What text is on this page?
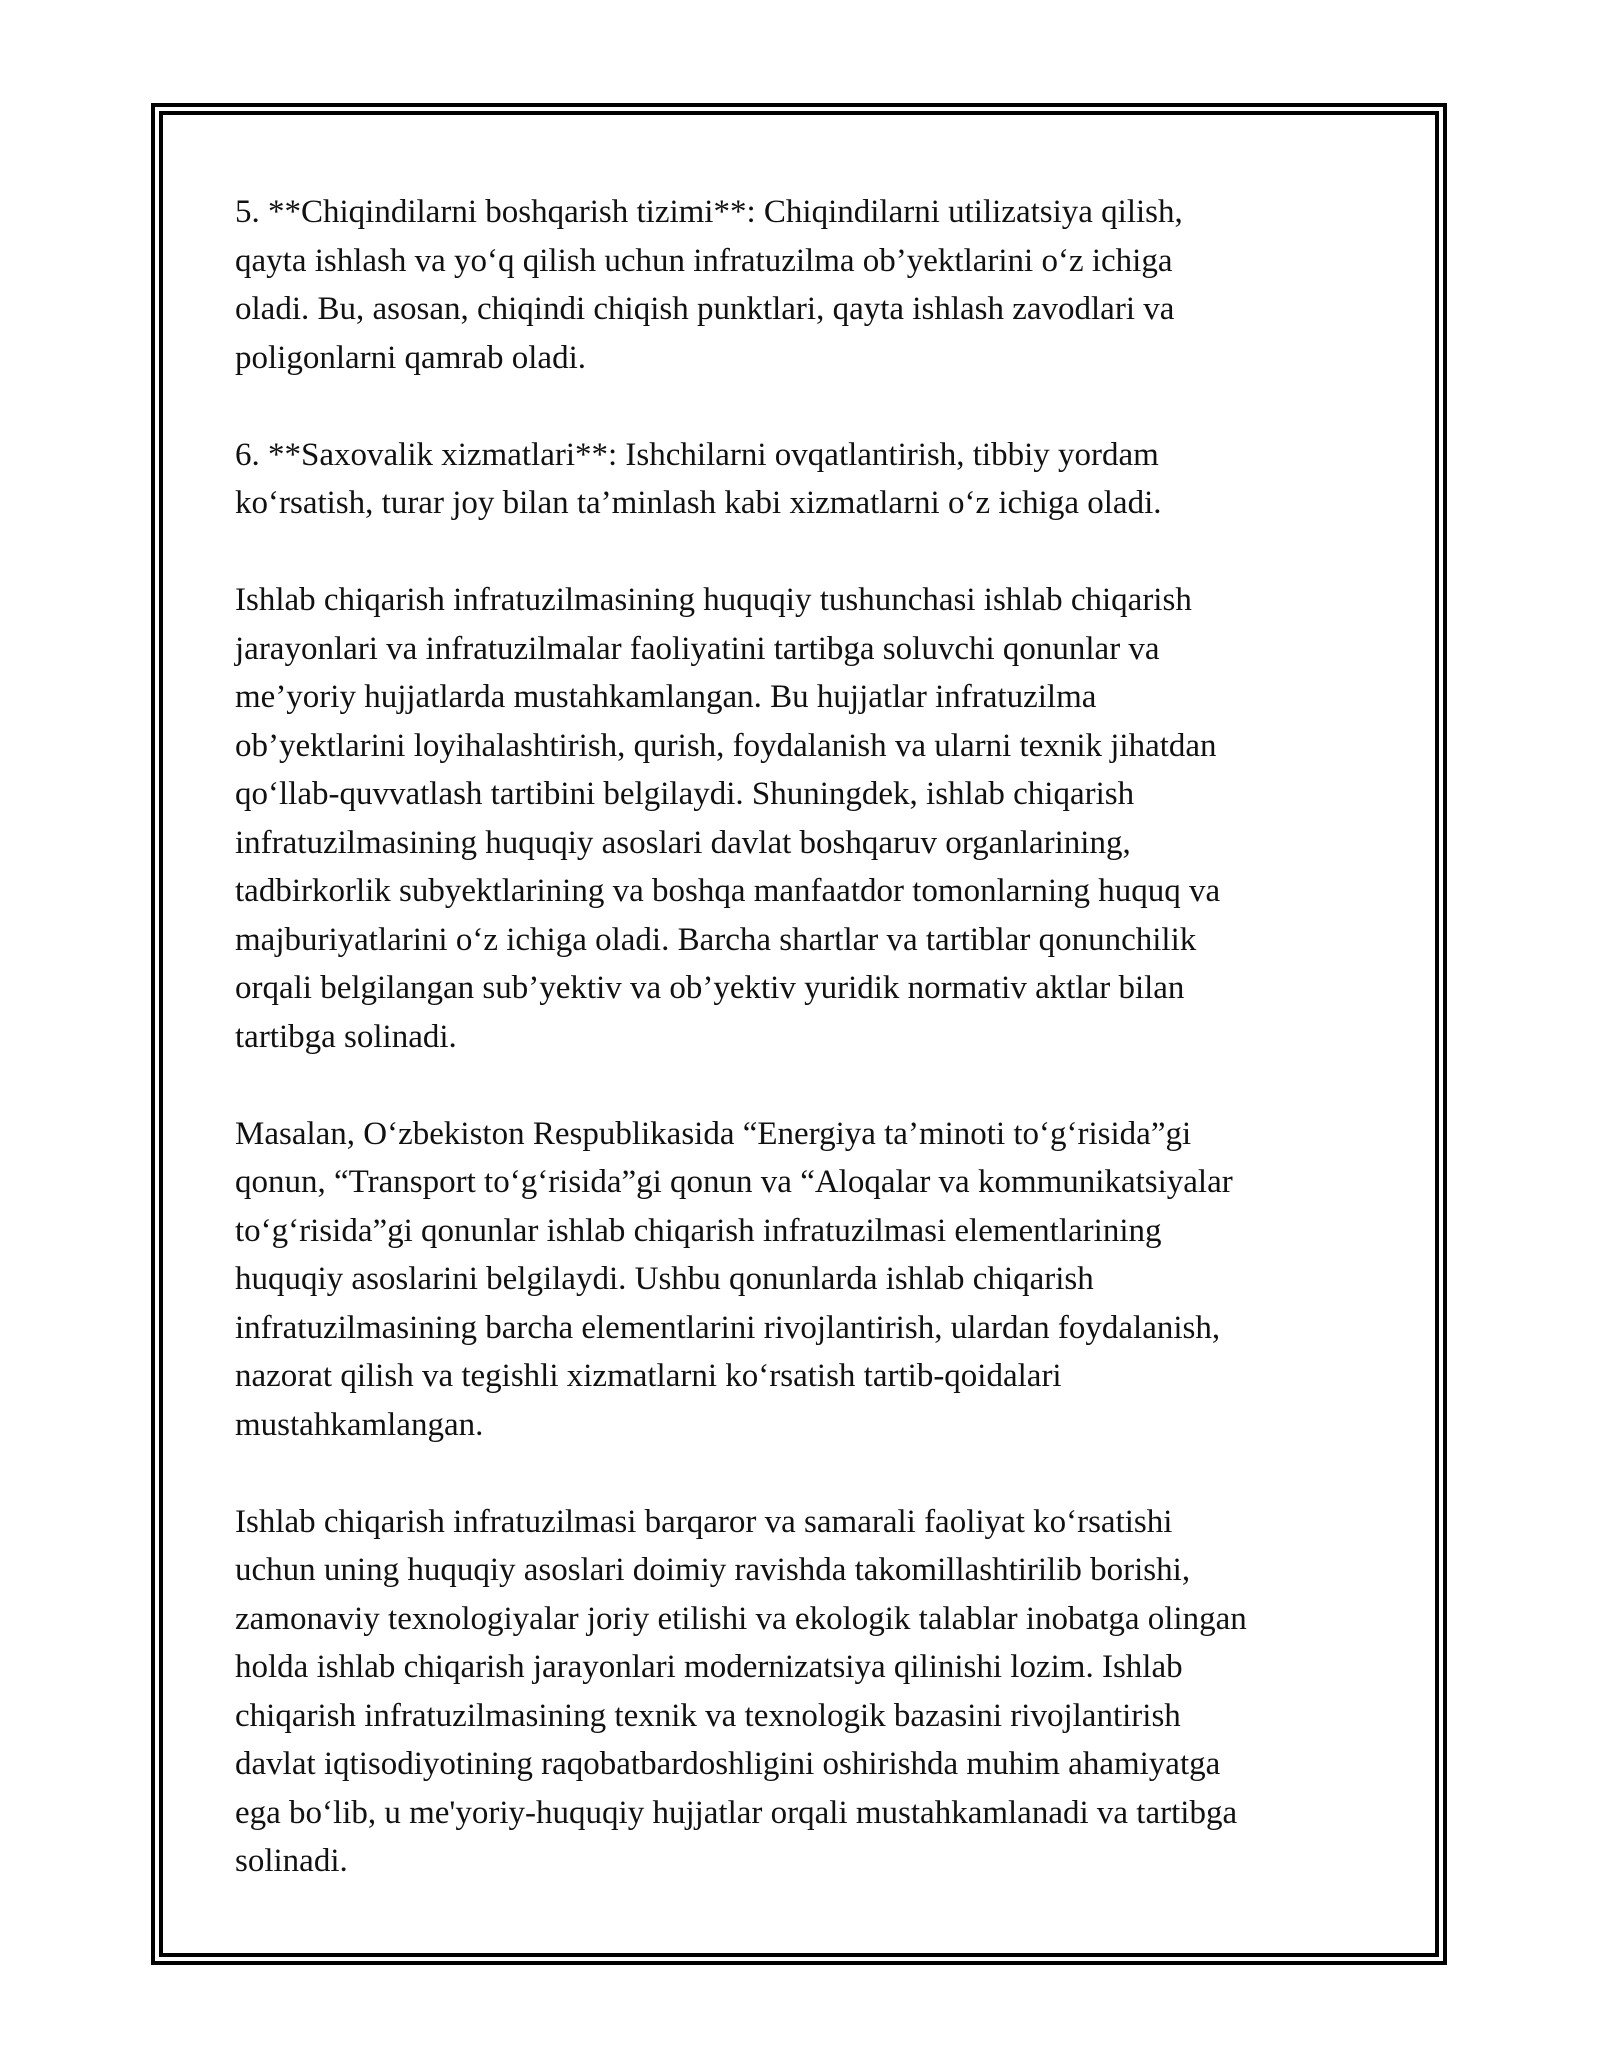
5. **Chiqindilarni boshqarish tizimi**: Chiqindilarni utilizatsiya qilish,
qayta ishlash va yo‘q qilish uchun infratuzilma ob’yektlarini o‘z ichiga
oladi. Bu, asosan, chiqindi chiqish punktlari, qayta ishlash zavodlari va
poligonlarni qamrab oladi.

6. **Saxovalik xizmatlari**: Ishchilarni ovqatlantirish, tibbiy yordam
ko‘rsatish, turar joy bilan ta’minlash kabi xizmatlarni o‘z ichiga oladi.

Ishlab chiqarish infratuzilmasining huquqiy tushunchasi ishlab chiqarish
jarayonlari va infratuzilmalar faoliyatini tartibga soluvchi qonunlar va
me’yoriy hujjatlarda mustahkamlangan. Bu hujjatlar infratuzilma
ob’yektlarini loyihalashtirish, qurish, foydalanish va ularni texnik jihatdan
qo‘llab-quvvatlash tartibini belgilaydi. Shuningdek, ishlab chiqarish
infratuzilmasining huquqiy asoslari davlat boshqaruv organlarining,
tadbirkorlik subyektlarining va boshqa manfaatdor tomonlarning huquq va
majburiyatlarini o‘z ichiga oladi. Barcha shartlar va tartiblar qonunchilik
orqali belgilangan sub’yektiv va ob’yektiv yuridik normativ aktlar bilan
tartibga solinadi.

Masalan, O‘zbekiston Respublikasida “Energiya ta’minoti to‘g‘risida”gi
qonun, “Transport to‘g‘risida”gi qonun va “Aloqalar va kommunikatsiyalar
to‘g‘risida”gi qonunlar ishlab chiqarish infratuzilmasi elementlarining
huquqiy asoslarini belgilaydi. Ushbu qonunlarda ishlab chiqarish
infratuzilmasining barcha elementlarini rivojlantirish, ulardan foydalanish,
nazorat qilish va tegishli xizmatlarni ko‘rsatish tartib-qoidalari
mustahkamlangan.

Ishlab chiqarish infratuzilmasi barqaror va samarali faoliyat ko‘rsatishi
uchun uning huquqiy asoslari doimiy ravishda takomillashtirilib borishi,
zamonaviy texnologiyalar joriy etilishi va ekologik talablar inobatga olingan
holda ishlab chiqarish jarayonlari modernizatsiya qilinishi lozim. Ishlab
chiqarish infratuzilmasining texnik va texnologik bazasini rivojlantirish
davlat iqtisodiyotining raqobatbardoshligini oshirishda muhim ahamiyatga
ega bo‘lib, u me'yoriy-huquqiy hujjatlar orqali mustahkamlanadi va tartibga
solinadi.
